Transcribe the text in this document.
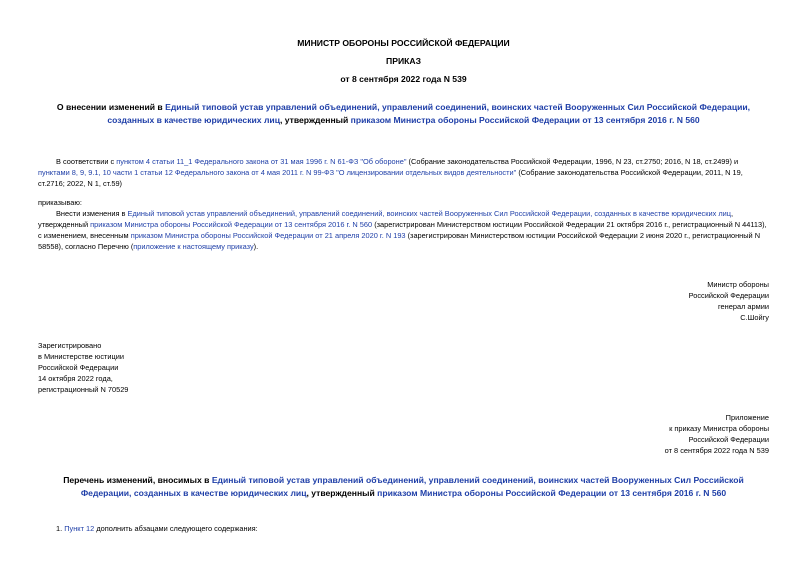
МИНИСТР ОБОРОНЫ РОССИЙСКОЙ ФЕДЕРАЦИИ
ПРИКАЗ
от 8 сентября 2022 года N 539
О внесении изменений в Единый типовой устав управлений объединений, управлений соединений, воинских частей Вооруженных Сил Российской Федерации, созданных в качестве юридических лиц, утвержденный приказом Министра обороны Российской Федерации от 13 сентября 2016 г. N 560
В соответствии с пунктом 4 статьи 11_1 Федерального закона от 31 мая 1996 г. N 61-ФЗ "Об обороне" (Собрание законодательства Российской Федерации, 1996, N 23, ст.2750; 2016, N 18, ст.2499) и пунктами 8, 9, 9.1, 10 части 1 статьи 12 Федерального закона от 4 мая 2011 г. N 99-ФЗ "О лицензировании отдельных видов деятельности" (Собрание законодательства Российской Федерации, 2011, N 19, ст.2716; 2022, N 1, ст.59)
приказываю:
Внести изменения в Единый типовой устав управлений объединений, управлений соединений, воинских частей Вооруженных Сил Российской Федерации, созданных в качестве юридических лиц, утвержденный приказом Министра обороны Российской Федерации от 13 сентября 2016 г. N 560 (зарегистрирован Министерством юстиции Российской Федерации 21 октября 2016 г., регистрационный N 44113), с изменением, внесенным приказом Министра обороны Российской Федерации от 21 апреля 2020 г. N 193 (зарегистрирован Министерством юстиции Российской Федерации 2 июня 2020 г., регистрационный N 58558), согласно Перечню (приложение к настоящему приказу).

Министр обороны

Российской Федерации

генерал армии

С.Шойгу

Зарегистрировано

в Министерстве юстиции

Российской Федерации

14 октября 2022 года,

регистрационный N 70529

Приложение

к приказу Министра обороны

Российской Федерации

от 8 сентября 2022 года N 539

Перечень изменений, вносимых в Единый типовой устав управлений объединений, управлений соединений, воинских частей Вооруженных Сил Российской Федерации, созданных в качестве юридических лиц, утвержденный приказом Министра обороны Российской Федерации от 13 сентября 2016 г. N 560
1. Пункт 12 дополнить абзацами следующего содержания:
